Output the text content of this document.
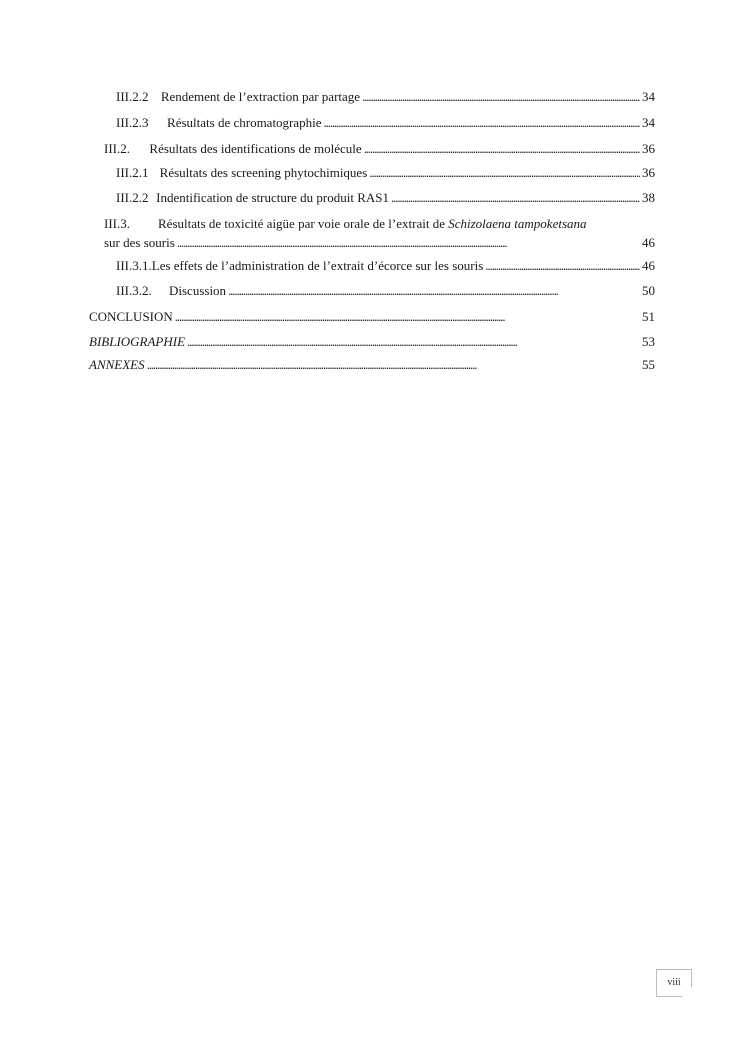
III.2.2 Rendement de l’extraction par partage . . .	34
III.2.3	Résultats de chromatographie . . .	34
III.2.	Résultats des identifications de molécule . . .	36
III.2.1 Résultats des screening phytochimiques . . .	36
III.2.2 Indentification de structure du produit RAS1 . . .	38
III.3. Résultats de toxicité aigüe par voie orale de l’extrait de Schizolaena tampoketsana
sur des souris . . .	46
III.3.1. Les effets de l’administration de l’extrait d’écorce sur les souris . . .	46
III.3.2.	Discussion . . .	50
CONCLUSION . . .	51
BIBLIOGRAPHIE . . .	53
ANNEXES . . .	55
viii
